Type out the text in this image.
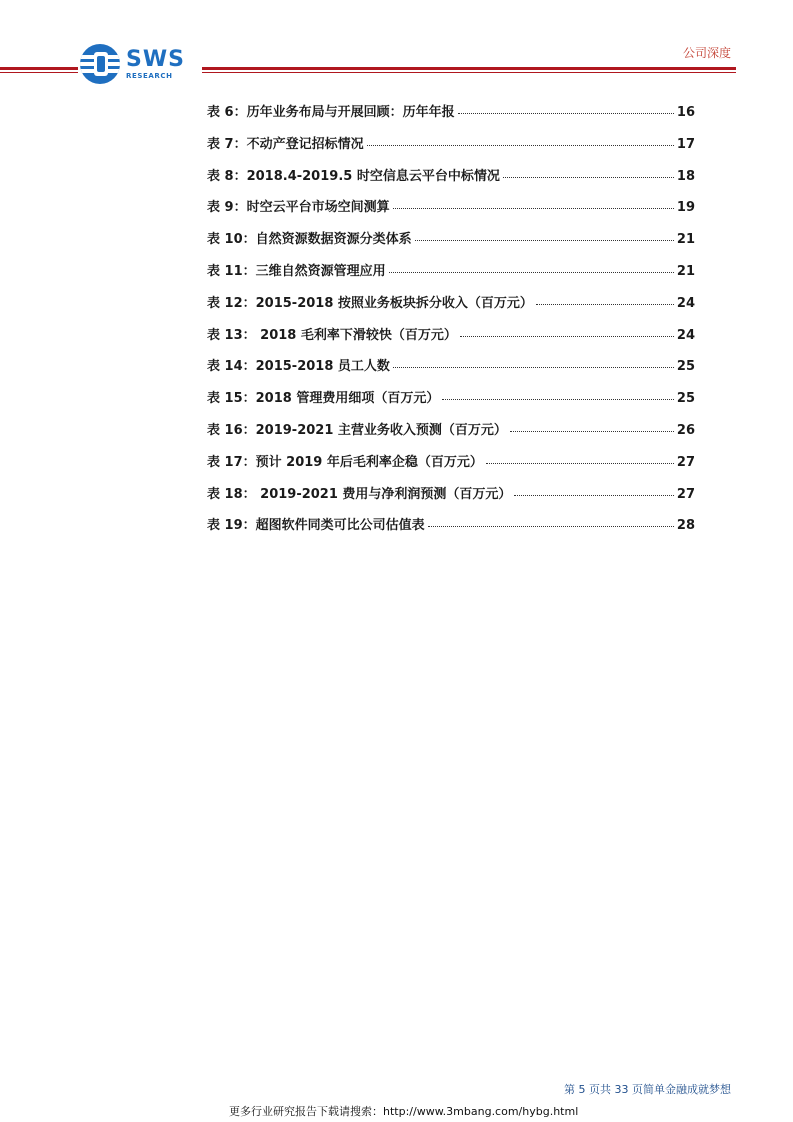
SWS
RESEARCH
公司深度
表 6：历年业务布局与开展回顾：历年年报	16
表 7：不动产登记招标情况	17
表 8：2018.4-2019.5 时空信息云平台中标情况	18
表 9：时空云平台市场空间测算	19
表 10：自然资源数据资源分类体系	21
表 11：三维自然资源管理应用	21
表 12：2015-2018 按照业务板块拆分收入（百万元）	24
表 13： 2018 毛利率下滑较快（百万元）	24
表 14：2015-2018 员工人数	25
表 15：2018 管理费用细项（百万元）	25
表 16：2019-2021 主营业务收入预测（百万元）	26
表 17：预计 2019 年后毛利率企稳（百万元）	27
表 18： 2019-2021 费用与净利润预测（百万元）	27
表 19：超图软件同类可比公司估值表	28
第 5 页共 33 页简单金融成就梦想
更多行业研究报告下载请搜索：http://www.3mbang.com/hybg.html
